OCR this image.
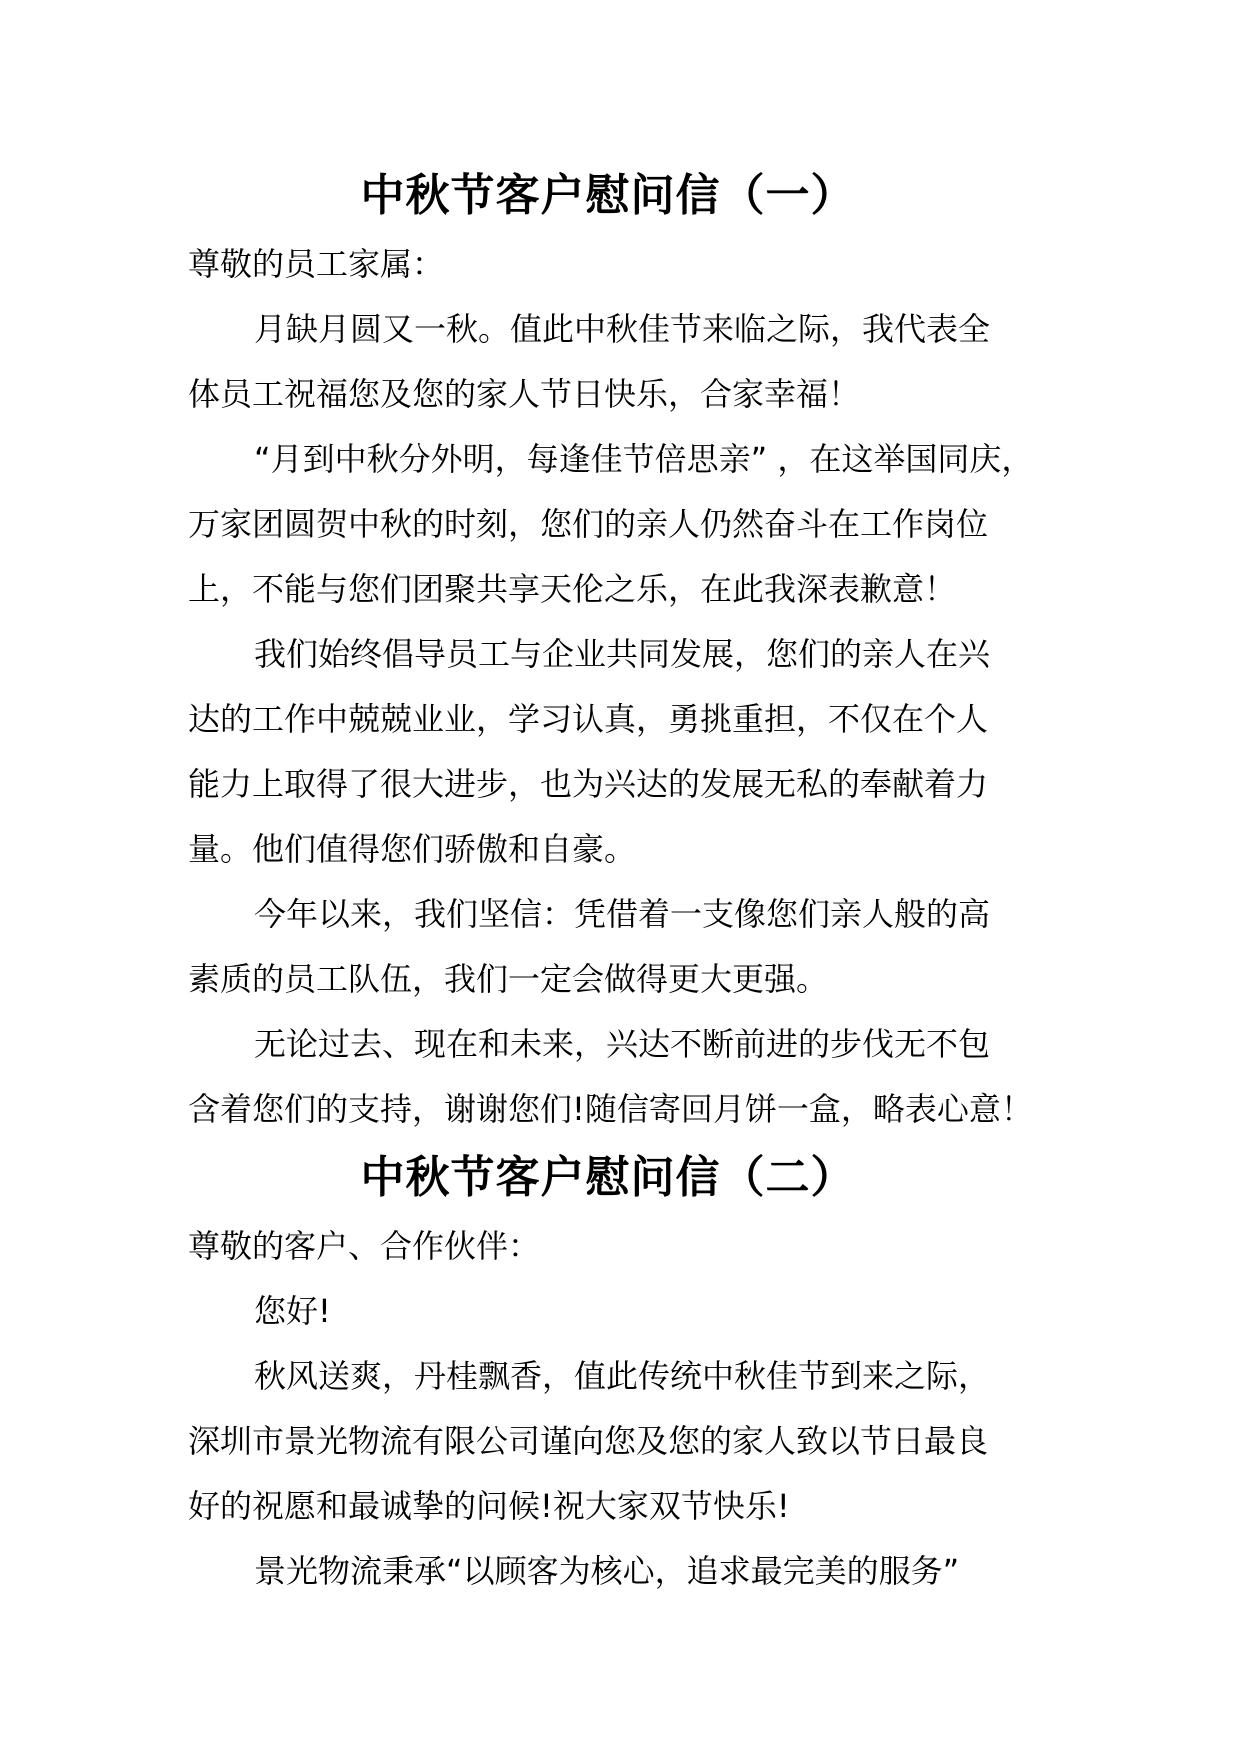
中秋节客户慰问信（一）

尊敬的员工家属：

月缺月圆又一秋。值此中秋佳节来临之际，我代表全

体员工祝福您及您的家人节日快乐，合家幸福！

“月到中秋分外明，每逢佳节倍思亲” ，在这举国同庆，

万家团圆贺中秋的时刻，您们的亲人仍然奋斗在工作岗位

上，不能与您们团聚共享天伦之乐，在此我深表歉意！

我们始终倡导员工与企业共同发展，您们的亲人在兴

达的工作中兢兢业业，学习认真，勇挑重担，不仅在个人

能力上取得了很大进步，也为兴达的发展无私的奉献着力

量。他们值得您们骄傲和自豪。

今年以来，我们坚信：凭借着一支像您们亲人般的高

素质的员工队伍，我们一定会做得更大更强。

无论过去、现在和未来，兴达不断前进的步伐无不包

含着您们的支持，谢谢您们!随信寄回月饼一盒，略表心意！

中秋节客户慰问信（二）

尊敬的客户、合作伙伴：

您好!

秋风送爽，丹桂飘香，值此传统中秋佳节到来之际，

深圳市景光物流有限公司谨向您及您的家人致以节日最良

好的祝愿和最诚挚的问候!祝大家双节快乐!

景光物流秉承“以顾客为核心，追求最完美的服务”
